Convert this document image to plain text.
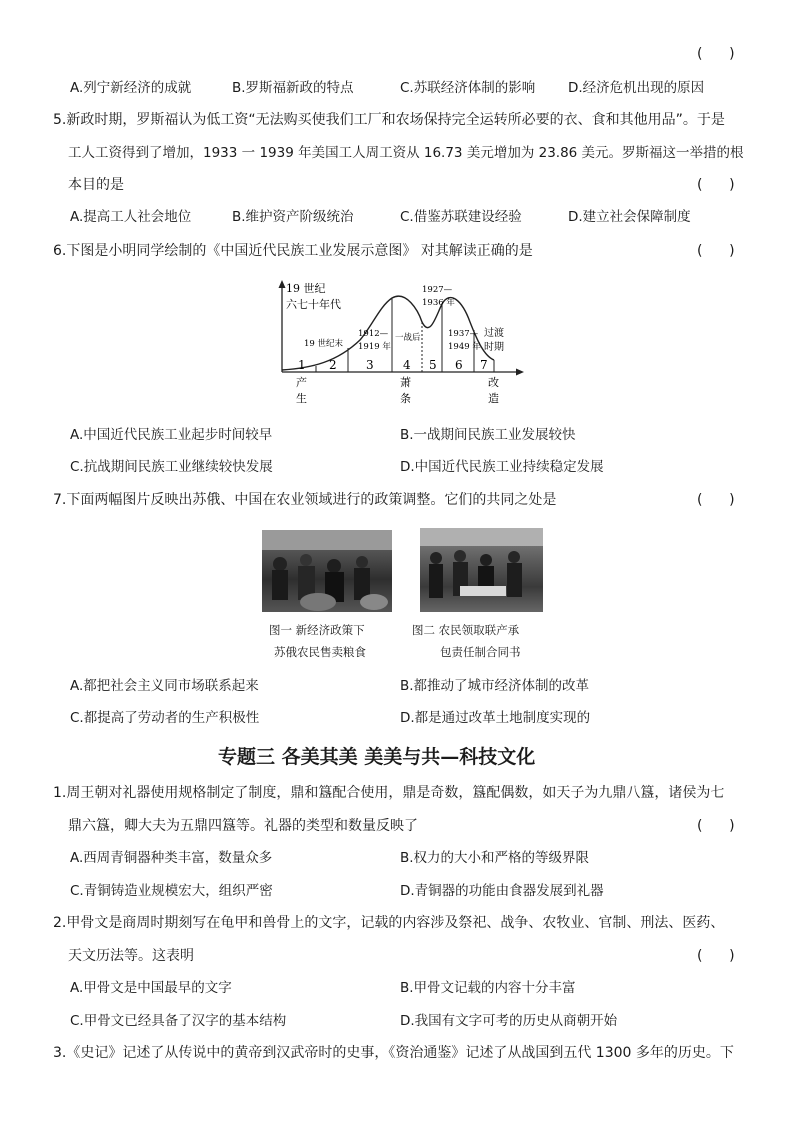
(      )
A.列宁新经济的成就	B.罗斯福新政的特点	C.苏联经济体制的影响 D.经济危机出现的原因
5.新政时期，罗斯福认为低工资“无法购买使我们工厂和农场保持完全运转所必要的衣、食和其他用品”。于是
工人工资得到了增加，1933 一 1939 年美国工人周工资从 16.73 美元增加为 23.86 美元。罗斯福这一举措的根
本目的是	(      )
A.提高工人社会地位	B.维护资产阶级统治	C.借鉴苏联建设经验	D.建立社会保障制度
6.下图是小明同学绘制的《中国近代民族工业发展示意图》 对其解读正确的是	(      )
19 世纪
六七十年代
19 世纪末
1912—
1919 年
一战后
1927—
1936 年
1937—
1949 年
过渡
时期
1 2 3 4 5 6 7
产
生
萧
条
改
造
A.中国近代民族工业起步时间较早	B.一战期间民族工业发展较快
C.抗战期间民族工业继续较快发展	D.中国近代民族工业持续稳定发展
7.下面两幅图片反映出苏俄、中国在农业领域进行的政策调整。它们的共同之处是	(      )
图一 新经济政策下	图二 农民领取联产承
苏俄农民售卖粮食	包责任制合同书
A.都把社会主义同市场联系起来	B.都推动了城市经济体制的改革
C.都提高了劳动者的生产积极性	D.都是通过改革土地制度实现的
专题三 各美其美 美美与共—科技文化
1.周王朝对礼器使用规格制定了制度，鼎和簋配合使用，鼎是奇数，簋配偶数，如天子为九鼎八簋，诸侯为七
鼎六簋，卿大夫为五鼎四簋等。礼器的类型和数量反映了	(      )
A.西周青铜器种类丰富，数量众多	B.权力的大小和严格的等级界限
C.青铜铸造业规模宏大，组织严密	D.青铜器的功能由食器发展到礼器
2.甲骨文是商周时期刻写在龟甲和兽骨上的文字，记载的内容涉及祭祀、战争、农牧业、官制、刑法、医药、
天文历法等。这表明	(      )
A.甲骨文是中国最早的文字	B.甲骨文记载的内容十分丰富
C.甲骨文已经具备了汉字的基本结构	D.我国有文字可考的历史从商朝开始
3.《史记》记述了从传说中的黄帝到汉武帝时的史事，《资治通鉴》记述了从战国到五代 1300 多年的历史。下
